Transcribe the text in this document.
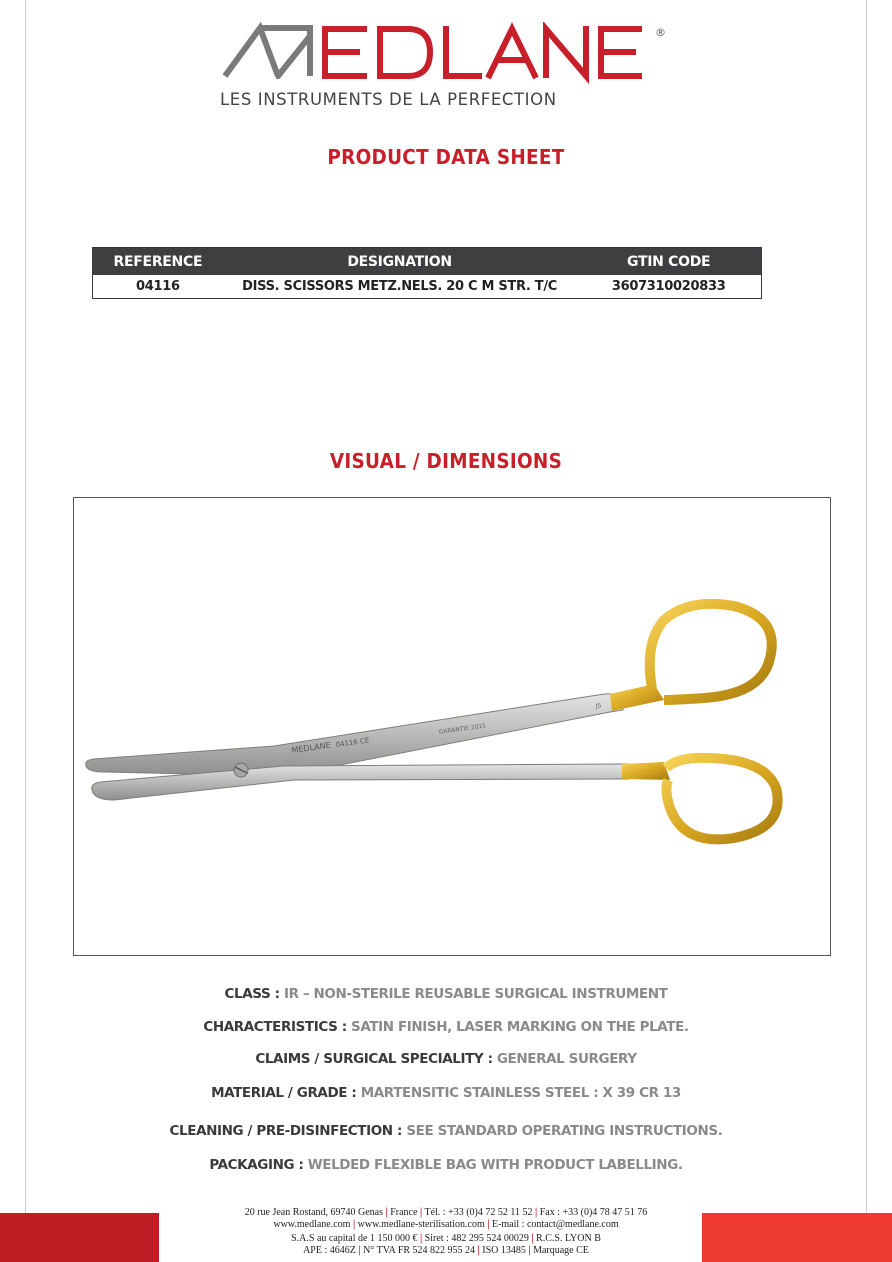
®
LES INSTRUMENTS DE LA PERFECTION
PRODUCT DATA SHEET
REFERENCE	DESIGNATION	GTIN CODE
04116	DISS. SCISSORS METZ.NELS. 20 C M STR. T/C	3607310020833
VISUAL / DIMENSIONS
MEDLANE 04116 CE
GARANTIE 2015
JS
CLASS : IR – NON-STERILE REUSABLE SURGICAL INSTRUMENT
CHARACTERISTICS : SATIN FINISH, LASER MARKING ON THE PLATE.
CLAIMS / SURGICAL SPECIALITY : GENERAL SURGERY
MATERIAL / GRADE : MARTENSITIC STAINLESS STEEL : X 39 CR 13
CLEANING / PRE-DISINFECTION : SEE STANDARD OPERATING INSTRUCTIONS.
PACKAGING : WELDED FLEXIBLE BAG WITH PRODUCT LABELLING.
20 rue Jean Rostand, 69740 Genas | France | Tél. : +33 (0)4 72 52 11 52 | Fax : +33 (0)4 78 47 51 76
www.medlane.com | www.medlane-sterilisation.com | E-mail : contact@medlane.com
S.A.S au capital de 1 150 000 € | Siret : 482 295 524 00029 | R.C.S. LYON B
APE : 4646Z | N° TVA FR 524 822 955 24 | ISO 13485 | Marquage CE
